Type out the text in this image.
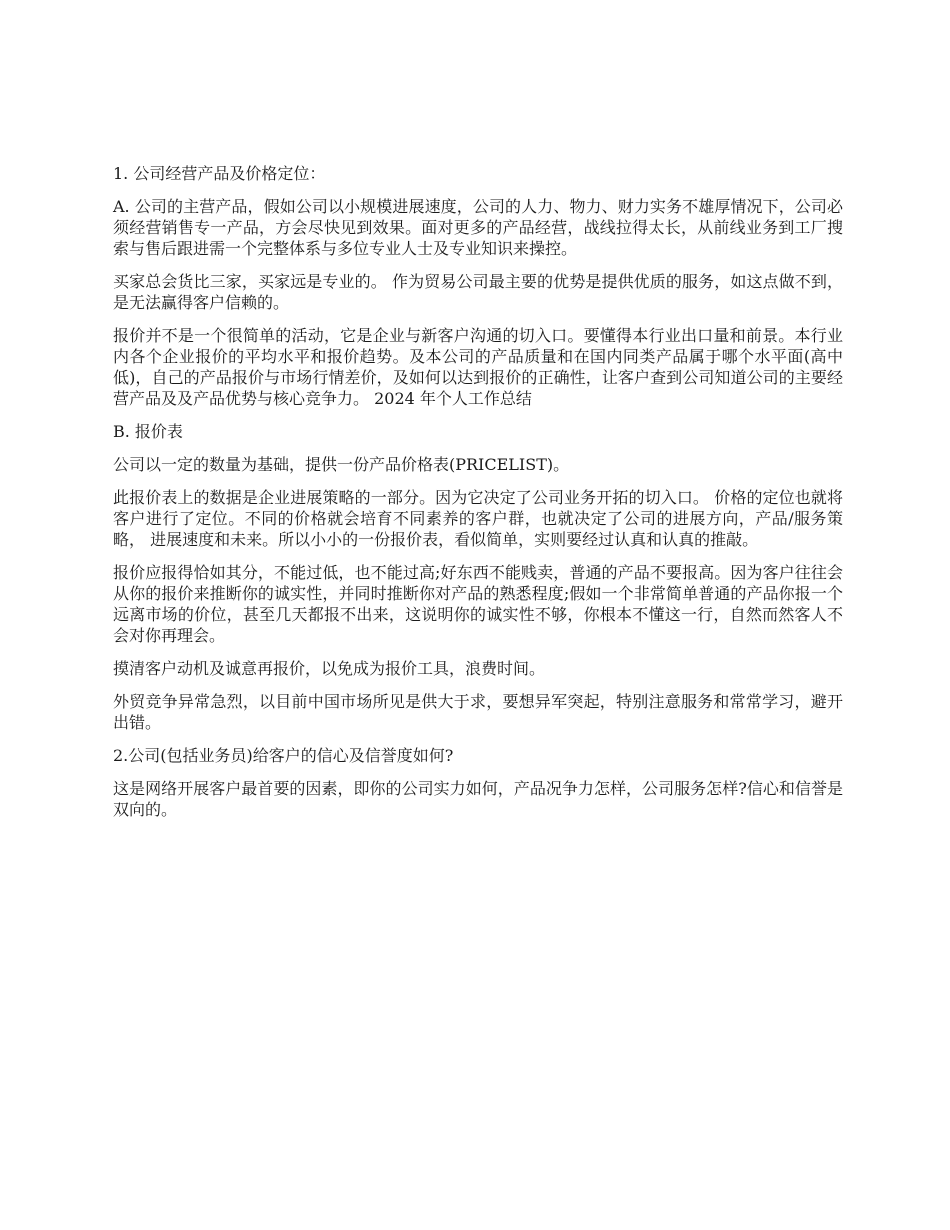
1. 公司经营产品及价格定位：

A. 公司的主营产品，假如公司以小规模进展速度，公司的人力、物力、财力实务不雄厚情况下，公司必须经营销售专一产品，方会尽快见到效果。面对更多的产品经营，战线拉得太长，从前线业务到工厂搜索与售后跟进需一个完整体系与多位专业人士及专业知识来操控。

买家总会货比三家，买家远是专业的。 作为贸易公司最主要的优势是提供优质的服务，如这点做不到，是无法赢得客户信赖的。

报价并不是一个很简单的活动，它是企业与新客户沟通的切入口。要懂得本行业出口量和前景。本行业内各个企业报价的平均水平和报价趋势。及本公司的产品质量和在国内同类产品属于哪个水平面(高中低)，自己的产品报价与市场行情差价，及如何以达到报价的正确性，让客户查到公司知道公司的主要经营产品及及产品优势与核心竞争力。 2024 年个人工作总结

B. 报价表

公司以一定的数量为基础，提供一份产品价格表(PRICELIST)。

此报价表上的数据是企业进展策略的一部分。因为它决定了公司业务开拓的切入口。 价格的定位也就将客户进行了定位。不同的价格就会培育不同素养的客户群，也就决定了公司的进展方向，产品/服务策略， 进展速度和未来。所以小小的一份报价表，看似简单，实则要经过认真和认真的推敲。

报价应报得恰如其分，不能过低，也不能过高;好东西不能贱卖，普通的产品不要报高。因为客户往往会从你的报价来推断你的诚实性，并同时推断你对产品的熟悉程度;假如一个非常简单普通的产品你报一个远离市场的价位，甚至几天都报不出来，这说明你的诚实性不够，你根本不懂这一行，自然而然客人不会对你再理会。

摸清客户动机及诚意再报价，以免成为报价工具，浪费时间。

外贸竞争异常急烈，以目前中国市场所见是供大于求，要想异军突起，特别注意服务和常常学习，避开出错。

2.公司(包括业务员)给客户的信心及信誉度如何?

这是网络开展客户最首要的因素，即你的公司实力如何，产品况争力怎样，公司服务怎样?信心和信誉是双向的。
